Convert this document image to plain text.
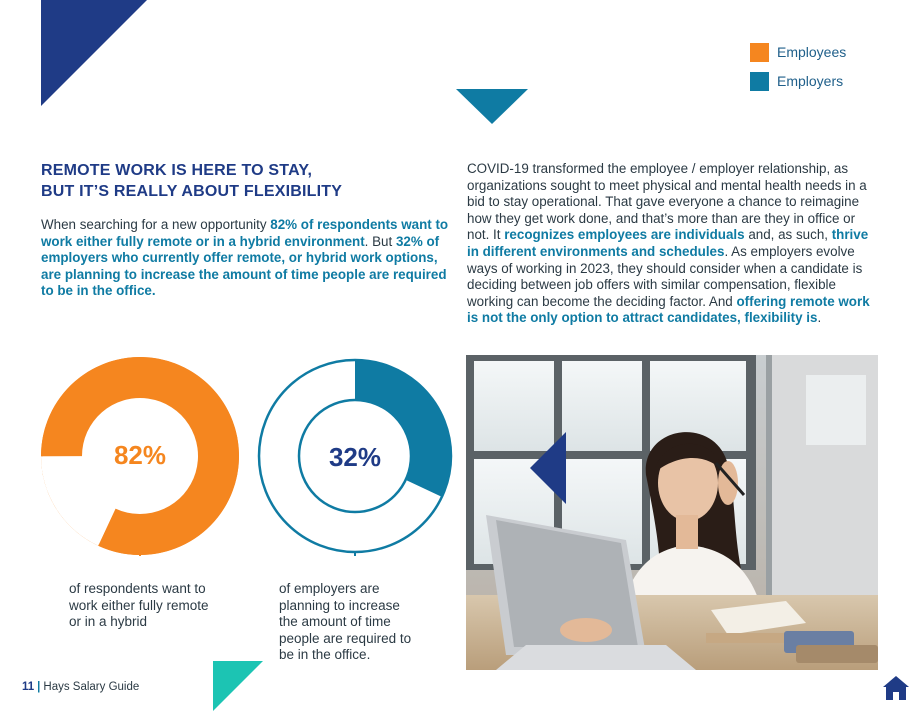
Employees
Employers
REMOTE WORK IS HERE TO STAY,
BUT IT’S REALLY ABOUT FLEXIBILITY

When searching for a new opportunity 82% of respondents want to work either fully remote or in a hybrid environment. But 32% of employers who currently offer remote, or hybrid work options, are planning to increase the amount of time people are required to be in the office.

COVID-19 transformed the employee / employer relationship, as organizations sought to meet physical and mental health needs in a bid to stay operational. That gave everyone a chance to reimagine how they get work done, and that’s more than are they in office or not. It recognizes employees are individuals and, as such, thrive in different environments and schedules. As employers evolve ways of working in 2023, they should consider when a candidate is deciding between job offers with similar compensation, flexible working can become the deciding factor. And offering remote work is not the only option to attract candidates, flexibility is.

82%	32%
of respondents want to work either fully remote or in a hybrid
of employers are planning to increase the amount of time people are required to be in the office.
11 | Hays Salary Guide
